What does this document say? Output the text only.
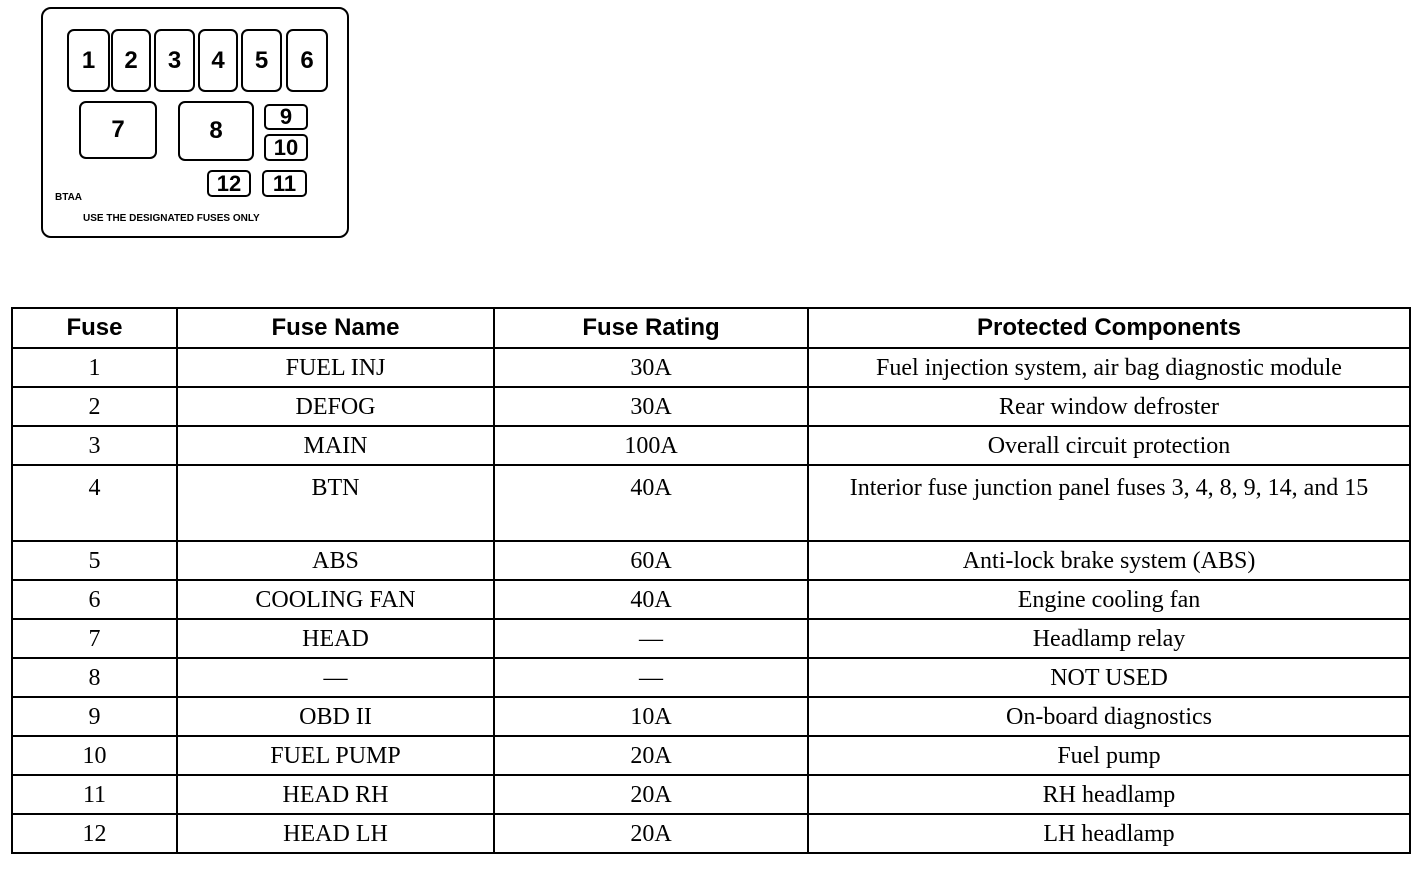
1	2	3	4	5	6
7	8
9
10
12	11
BTAA
USE THE DESIGNATED FUSES ONLY
Fuse	Fuse Name	Fuse Rating	Protected Components
1	FUEL INJ	30A	Fuel injection system, air bag diagnostic module
2	DEFOG	30A	Rear window defroster
3	MAIN	100A	Overall circuit protection
4	BTN	40A	Interior fuse junction panel fuses 3, 4, 8, 9, 14, and 15
5	ABS	60A	Anti-lock brake system (ABS)
6	COOLING FAN	40A	Engine cooling fan
7	HEAD	—	Headlamp relay
8	—	—	NOT USED
9	OBD II	10A	On-board diagnostics
10	FUEL PUMP	20A	Fuel pump
11	HEAD RH	20A	RH headlamp
12	HEAD LH	20A	LH headlamp
